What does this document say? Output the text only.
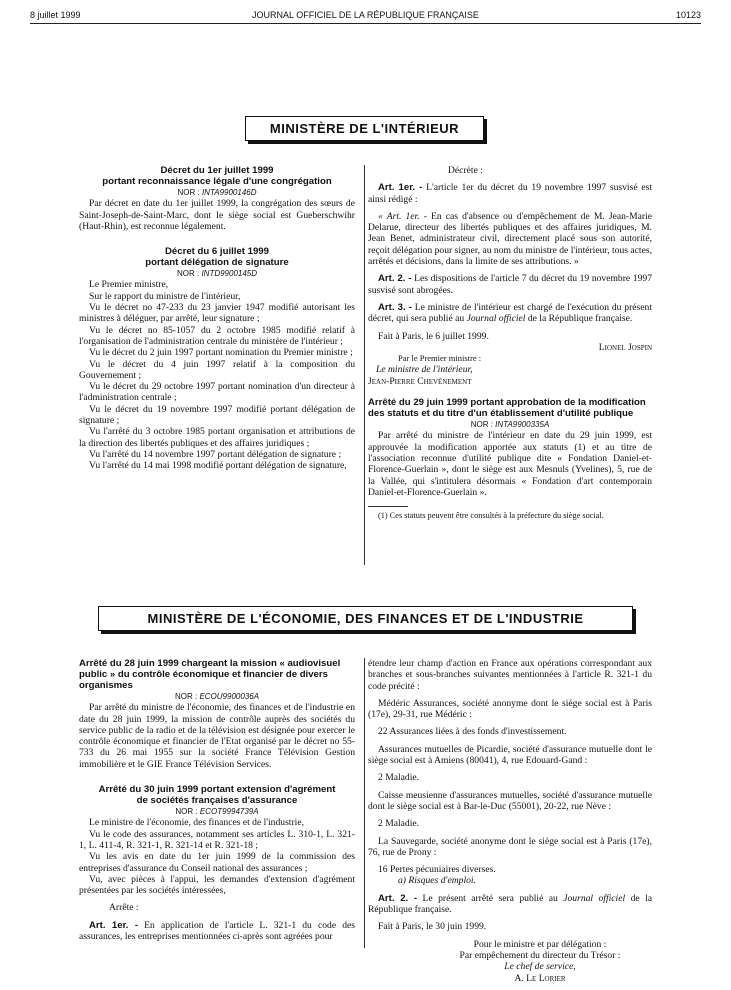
8 juillet 1999	JOURNAL OFFICIEL DE LA RÉPUBLIQUE FRANÇAISE	10123
MINISTÈRE DE L'INTÉRIEUR

Décret du 1er juillet 1999

portant reconnaissance légale d'une congrégation

NOR : INTA9900146D

Par décret en date du 1er juillet 1999, la congrégation des sœurs de Saint-Joseph-de-Saint-Marc, dont le siège social est Gueberschwihr (Haut-Rhin), est reconnue légalement.

Décret du 6 juillet 1999

portant délégation de signature

NOR : INTD9900145D

Le Premier ministre,

Sur le rapport du ministre de l'intérieur,

Vu le décret no 47-233 du 23 janvier 1947 modifié autorisant les ministres à déléguer, par arrêté, leur signature ;

Vu le décret no 85-1057 du 2 octobre 1985 modifié relatif à l'organisation de l'administration centrale du ministère de l'intérieur ;

Vu le décret du 2 juin 1997 portant nomination du Premier ministre ;

Vu le décret du 4 juin 1997 relatif à la composition du Gouvernement ;

Vu le décret du 29 octobre 1997 portant nomination d'un directeur à l'administration centrale ;

Vu le décret du 19 novembre 1997 modifié portant délégation de signature ;

Vu l'arrêté du 3 octobre 1985 portant organisation et attributions de la direction des libertés publiques et des affaires juridiques ;

Vu l'arrêté du 14 novembre 1997 portant délégation de signature ;

Vu l'arrêté du 14 mai 1998 modifié portant délégation de signature,

Décrète :

Art. 1er. - L'article 1er du décret du 19 novembre 1997 susvisé est ainsi rédigé :

« Art. 1er. - En cas d'absence ou d'empêchement de M. Jean-Marie Delarue, directeur des libertés publiques et des affaires juridiques, M. Jean Benet, administrateur civil, directement placé sous son autorité, reçoit délégation pour signer, au nom du ministre de l'intérieur, tous actes, arrêtés et décisions, dans la limite de ses attributions. »

Art. 2. - Les dispositions de l'article 7 du décret du 19 novembre 1997 susvisé sont abrogées.

Art. 3. - Le ministre de l'intérieur est chargé de l'exécution du présent décret, qui sera publié au Journal officiel de la République française.

Fait à Paris, le 6 juillet 1999.

Lionel Jospin

Par le Premier ministre :

Le ministre de l'intérieur,

Jean-Pierre Chevènement

Arrêté du 29 juin 1999 portant approbation de la modification des statuts et du titre d'un établissement d'utilité publique

NOR : INTA9900335A

Par arrêté du ministre de l'intérieur en date du 29 juin 1999, est approuvée la modification apportée aux statuts (1) et au titre de l'association reconnue d'utilité publique dite « Fondation Daniel-et-Florence-Guerlain », dont le siège est aux Mesnuls (Yvelines), 5, rue de la Vallée, qui s'intitulera désormais « Fondation d'art contemporain Daniel-et-Florence-Guerlain ».

(1) Ces statuts peuvent être consultés à la préfecture du siège social.

MINISTÈRE DE L'ÉCONOMIE, DES FINANCES ET DE L'INDUSTRIE

Arrêté du 28 juin 1999 chargeant la mission « audiovisuel public » du contrôle économique et financier de divers organismes

NOR : ECOU9900036A

Par arrêté du ministre de l'économie, des finances et de l'industrie en date du 28 juin 1999, la mission de contrôle auprès des sociétés du service public de la radio et de la télévision est désignée pour exercer le contrôle économique et financier de l'Etat organisé par le décret no 55-733 du 26 mai 1955 sur la société France Télévision Gestion immobilière et le GIE France Télévision Services.

Arrêté du 30 juin 1999 portant extension d'agrément

de sociétés françaises d'assurance

NOR : ECOT9994739A

Le ministre de l'économie, des finances et de l'industrie,

Vu le code des assurances, notamment ses articles L. 310-1, L. 321-1, L. 411-4, R. 321-1, R. 321-14 et R. 321-18 ;

Vu les avis en date du 1er juin 1999 de la commission des entreprises d'assurance du Conseil national des assurances ;

Vu, avec pièces à l'appui, les demandes d'extension d'agrément présentées par les sociétés intéressées,

Arrête :

Art. 1er. - En application de l'article L. 321-1 du code des assurances, les entreprises mentionnées ci-après sont agréées pour

étendre leur champ d'action en France aux opérations correspondant aux branches et sous-branches suivantes mentionnées à l'article R. 321-1 du code précité :

Médéric Assurances, société anonyme dont le siège social est à Paris (17e), 29-31, rue Médéric :

22 Assurances liées à des fonds d'investissement.

Assurances mutuelles de Picardie, société d'assurance mutuelle dont le siège social est à Amiens (80041), 4, rue Edouard-Gand :

2 Maladie.

Caisse meusienne d'assurances mutuelles, société d'assurance mutuelle dont le siège social est à Bar-le-Duc (55001), 20-22, rue Nève :

2 Maladie.

La Sauvegarde, société anonyme dont le siège social est à Paris (17e), 76, rue de Prony :

16 Pertes pécuniaires diverses.

a) Risques d'emploi.

Art. 2. - Le présent arrêté sera publié au Journal officiel de la République française.

Fait à Paris, le 30 juin 1999.

Pour le ministre et par délégation :

Par empêchement du directeur du Trésor :

Le chef de service,

A. Le Lorier
